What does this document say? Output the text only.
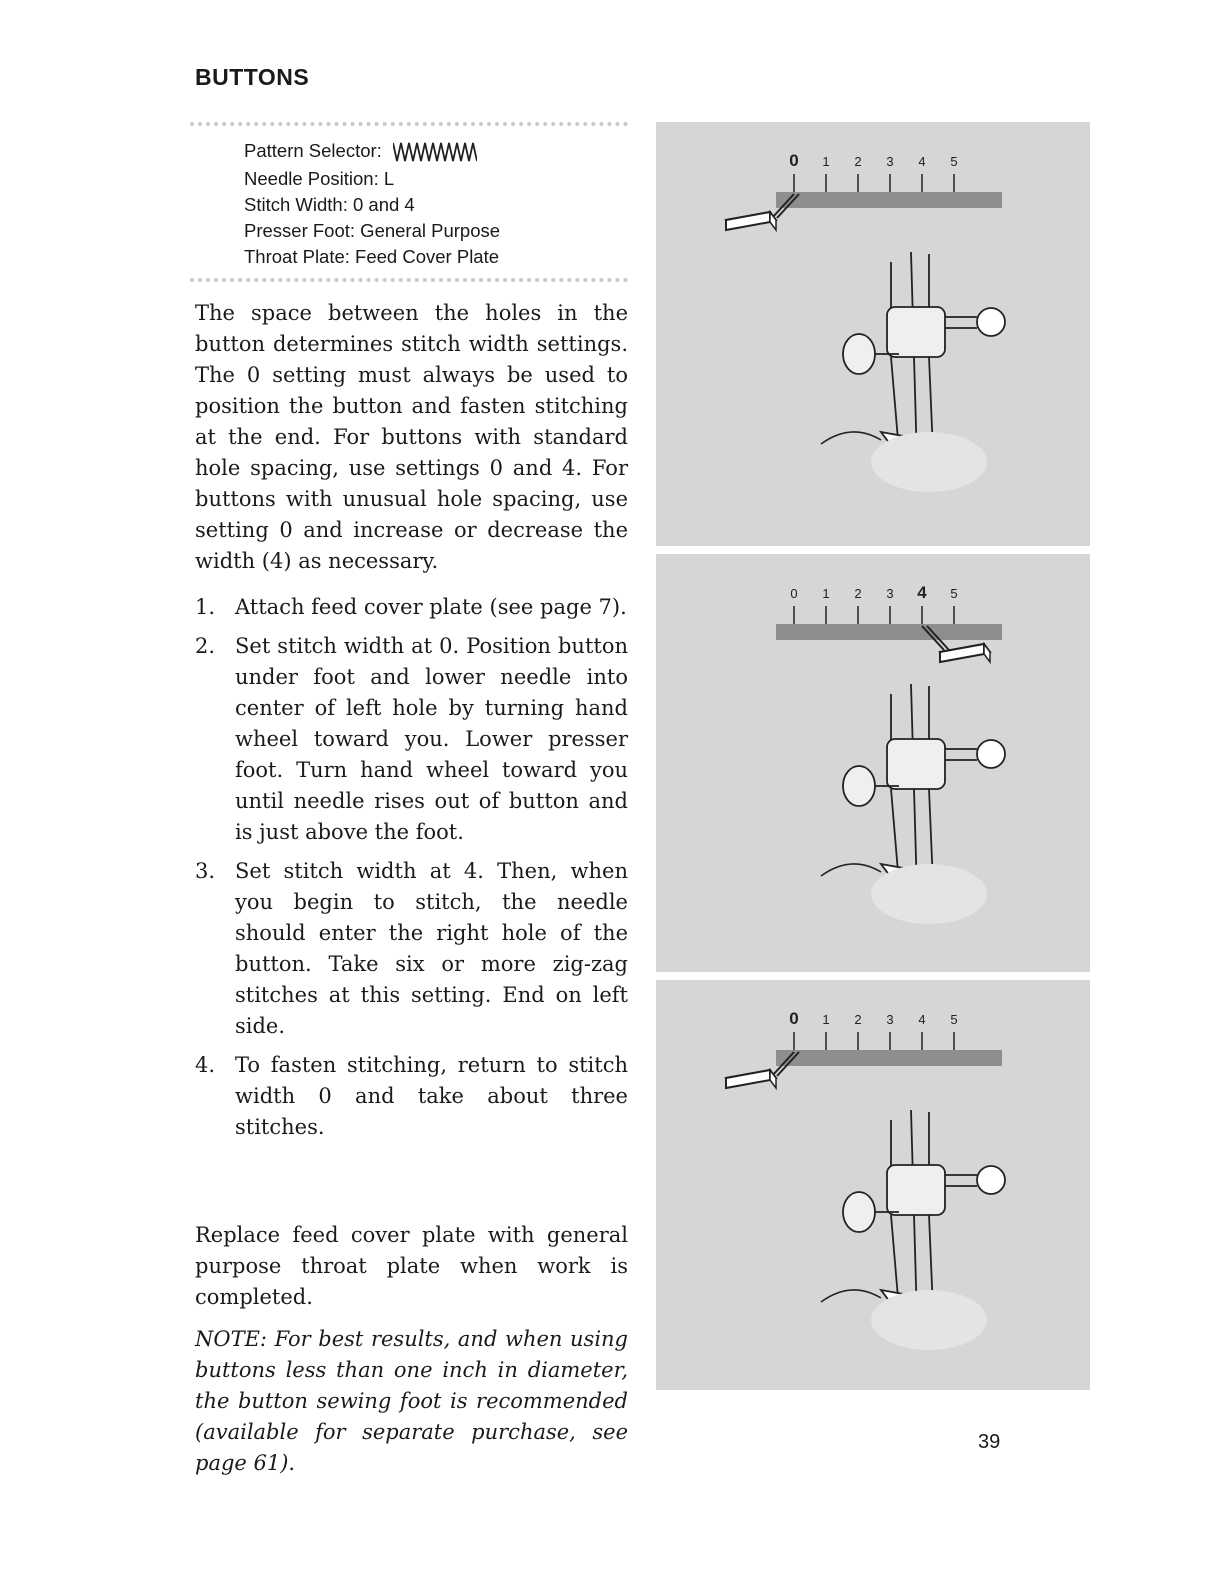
BUTTONS
Pattern Selector:
Needle Position: L
Stitch Width: 0 and 4
Presser Foot: General Purpose
Throat Plate: Feed Cover Plate

The space between the holes in the button determines stitch width settings. The 0 setting must always be used to position the button and fasten stitching at the end. For buttons with standard hole spacing, use settings 0 and 4. For buttons with unusual hole spacing, use setting 0 and increase or decrease the width (4) as necessary.

1. Attach feed cover plate (see page 7).
2. Set stitch width at 0. Position button under foot and lower needle into center of left hole by turning hand wheel toward you. Lower presser foot. Turn hand wheel toward you until needle rises out of button and is just above the foot.
3. Set stitch width at 4. Then, when you begin to stitch, the needle should enter the right hole of the button. Take six or more zig-zag stitches at this setting. End on left side.
4. To fasten stitching, return to stitch width 0 and take about three stitches.

Replace feed cover plate with general purpose throat plate when work is completed.

NOTE: For best results, and when using buttons less than one inch in diameter, the button sewing foot is recommended (available for separate purchase, see page 61).

0 1 2 3 4 5
0 1 2 3 4 5
0 1 2 3 4 5
39
